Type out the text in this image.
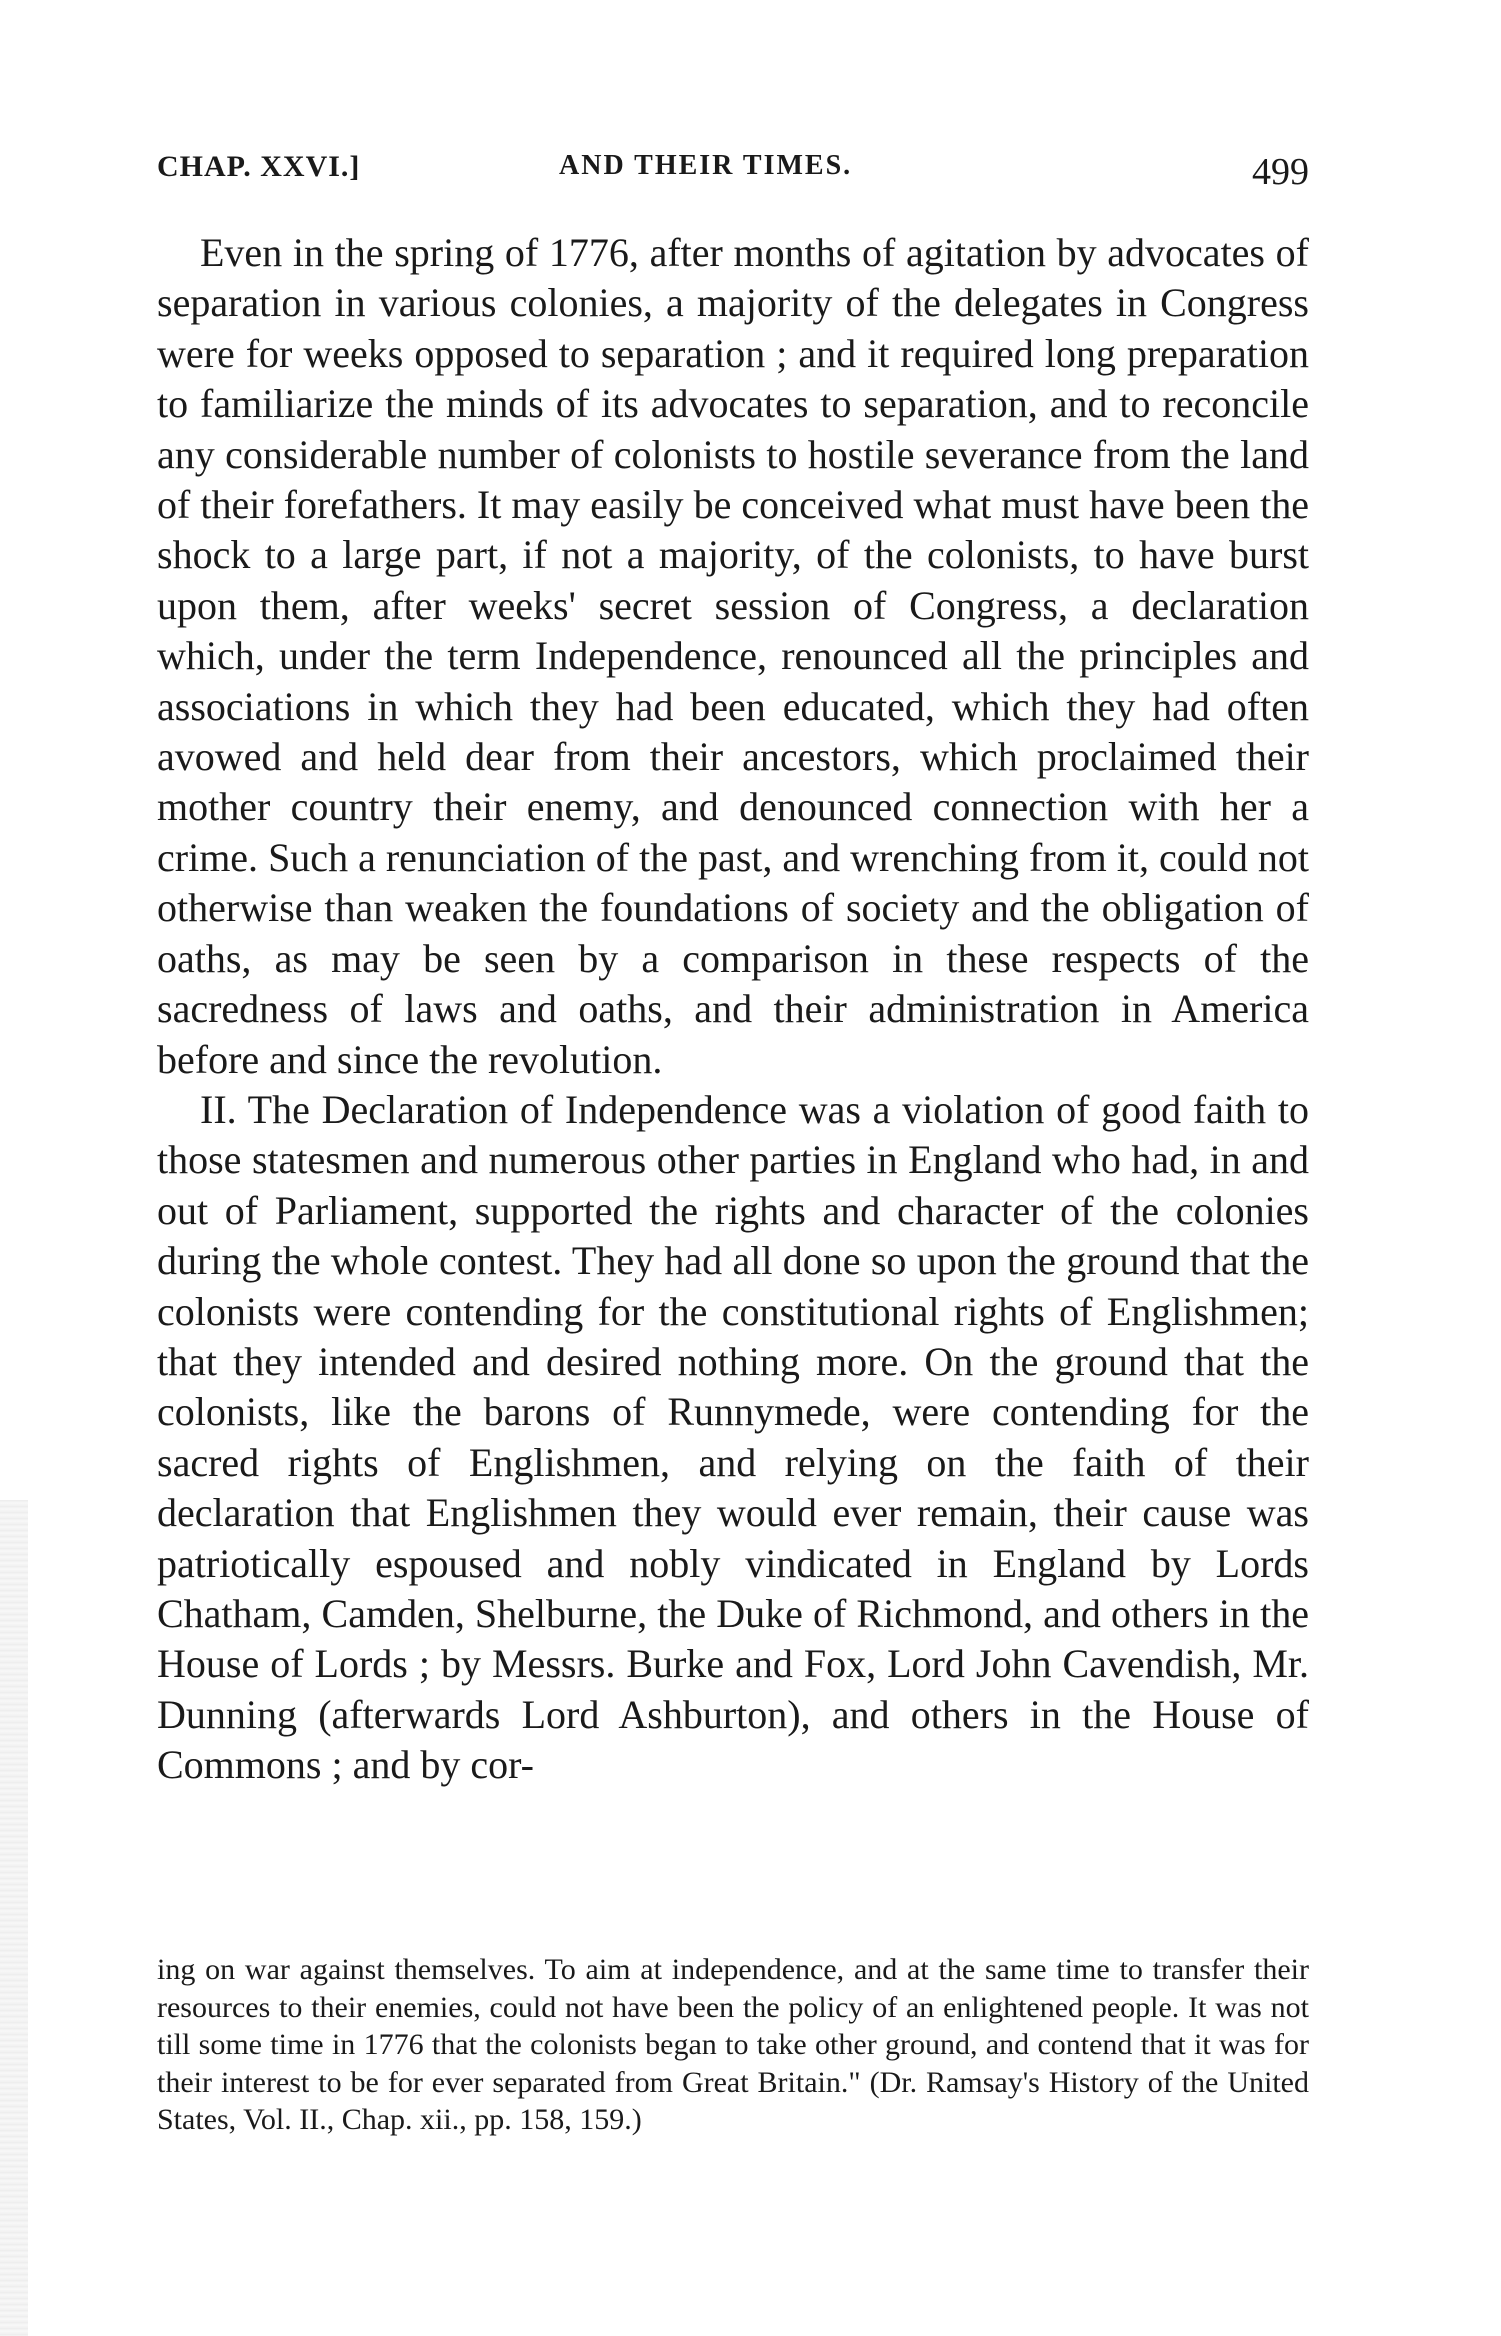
CHAP. XXVI.]	AND THEIR TIMES.	499

Even in the spring of 1776, after months of agitation by advocates of separation in various colonies, a majority of the delegates in Congress were for weeks opposed to separation ; and it required long preparation to familiarize the minds of its advocates to separation, and to reconcile any considerable number of colonists to hostile severance from the land of their forefathers. It may easily be conceived what must have been the shock to a large part, if not a majority, of the colonists, to have burst upon them, after weeks' secret session of Congress, a declaration which, under the term Independence, renounced all the principles and associations in which they had been educated, which they had often avowed and held dear from their ancestors, which proclaimed their mother country their enemy, and denounced connection with her a crime. Such a renunciation of the past, and wrenching from it, could not otherwise than weaken the foundations of society and the obligation of oaths, as may be seen by a comparison in these respects of the sacredness of laws and oaths, and their administration in America before and since the revolution.

II. The Declaration of Independence was a violation of good faith to those statesmen and numerous other parties in England who had, in and out of Parliament, supported the rights and character of the colonies during the whole contest. They had all done so upon the ground that the colonists were contending for the constitutional rights of Englishmen; that they intended and desired nothing more. On the ground that the colonists, like the barons of Runnymede, were contending for the sacred rights of Englishmen, and relying on the faith of their declaration that Englishmen they would ever remain, their cause was patriotically espoused and nobly vindicated in England by Lords Chatham, Camden, Shelburne, the Duke of Richmond, and others in the House of Lords ; by Messrs. Burke and Fox, Lord John Cavendish, Mr. Dunning (afterwards Lord Ashburton), and others in the House of Commons ; and by cor-

ing on war against themselves. To aim at independence, and at the same time to transfer their resources to their enemies, could not have been the policy of an enlightened people. It was not till some time in 1776 that the colonists began to take other ground, and contend that it was for their interest to be for ever separated from Great Britain." (Dr. Ramsay's History of the United States, Vol. II., Chap. xii., pp. 158, 159.)
